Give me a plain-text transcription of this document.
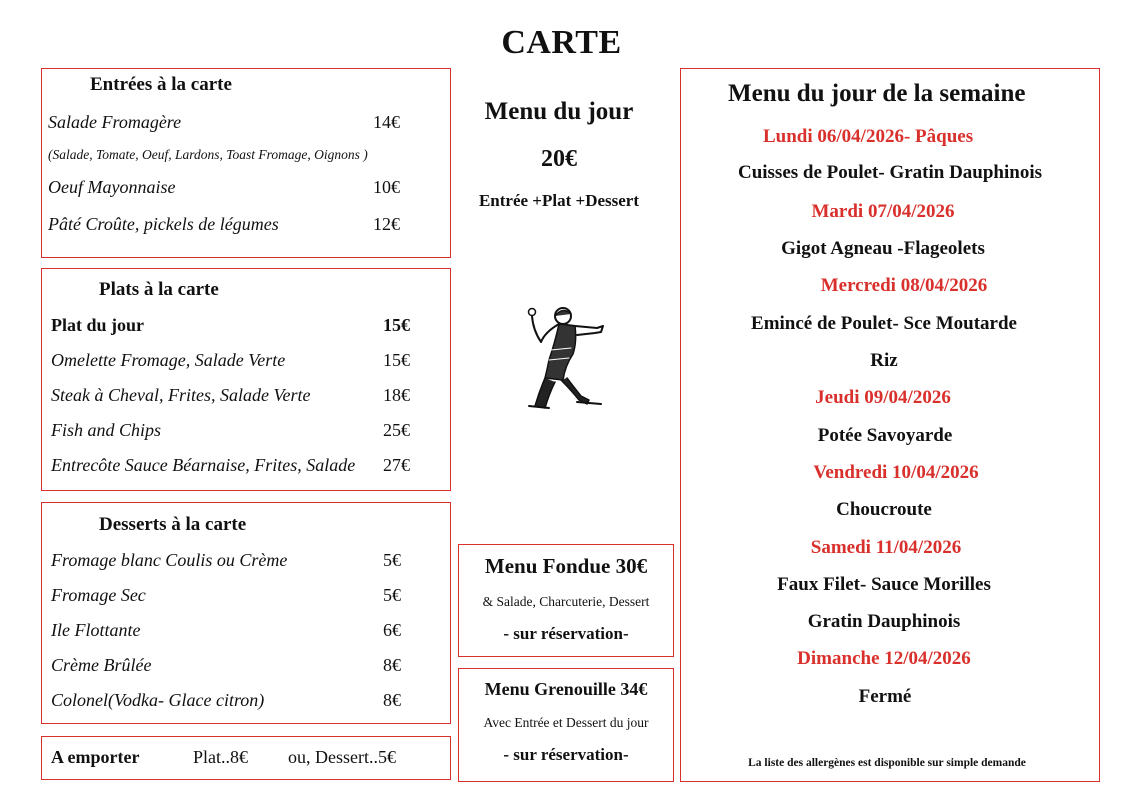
CARTE
Entrées à la carte
Salade Fromagère	14€
(Salade, Tomate, Oeuf, Lardons, Toast Fromage, Oignons )
Oeuf Mayonnaise	10€
Pâté Croûte, pickels de légumes	12€
Plats à la carte
Plat du jour	15€
Omelette Fromage, Salade Verte	15€
Steak à Cheval, Frites, Salade Verte	18€
Fish and Chips	25€
Entrecôte Sauce Béarnaise, Frites, Salade 27€
Desserts à la carte
Fromage blanc Coulis ou Crème	5€
Fromage Sec	5€
Ile Flottante	6€
Crème Brûlée	8€
Colonel(Vodka- Glace citron)	8€
A emporter	Plat..8€ ou, Dessert..5€
Menu du jour
20€
Entrée +Plat +Dessert
Menu Fondue 30€
& Salade, Charcuterie, Dessert
- sur réservation-
Menu Grenouille 34€
Avec Entrée et Dessert du jour
- sur réservation-
Menu du jour de la semaine
Lundi 06/04/2026- Pâques
Cuisses de Poulet- Gratin Dauphinois
Mardi 07/04/2026
Gigot Agneau -Flageolets
Mercredi 08/04/2026
Emincé de Poulet- Sce Moutarde
Riz
Jeudi 09/04/2026
Potée Savoyarde
Vendredi 10/04/2026
Choucroute
Samedi 11/04/2026
Faux Filet- Sauce Morilles
Gratin Dauphinois
Dimanche 12/04/2026
Fermé
La liste des allergènes est disponible sur simple demande
